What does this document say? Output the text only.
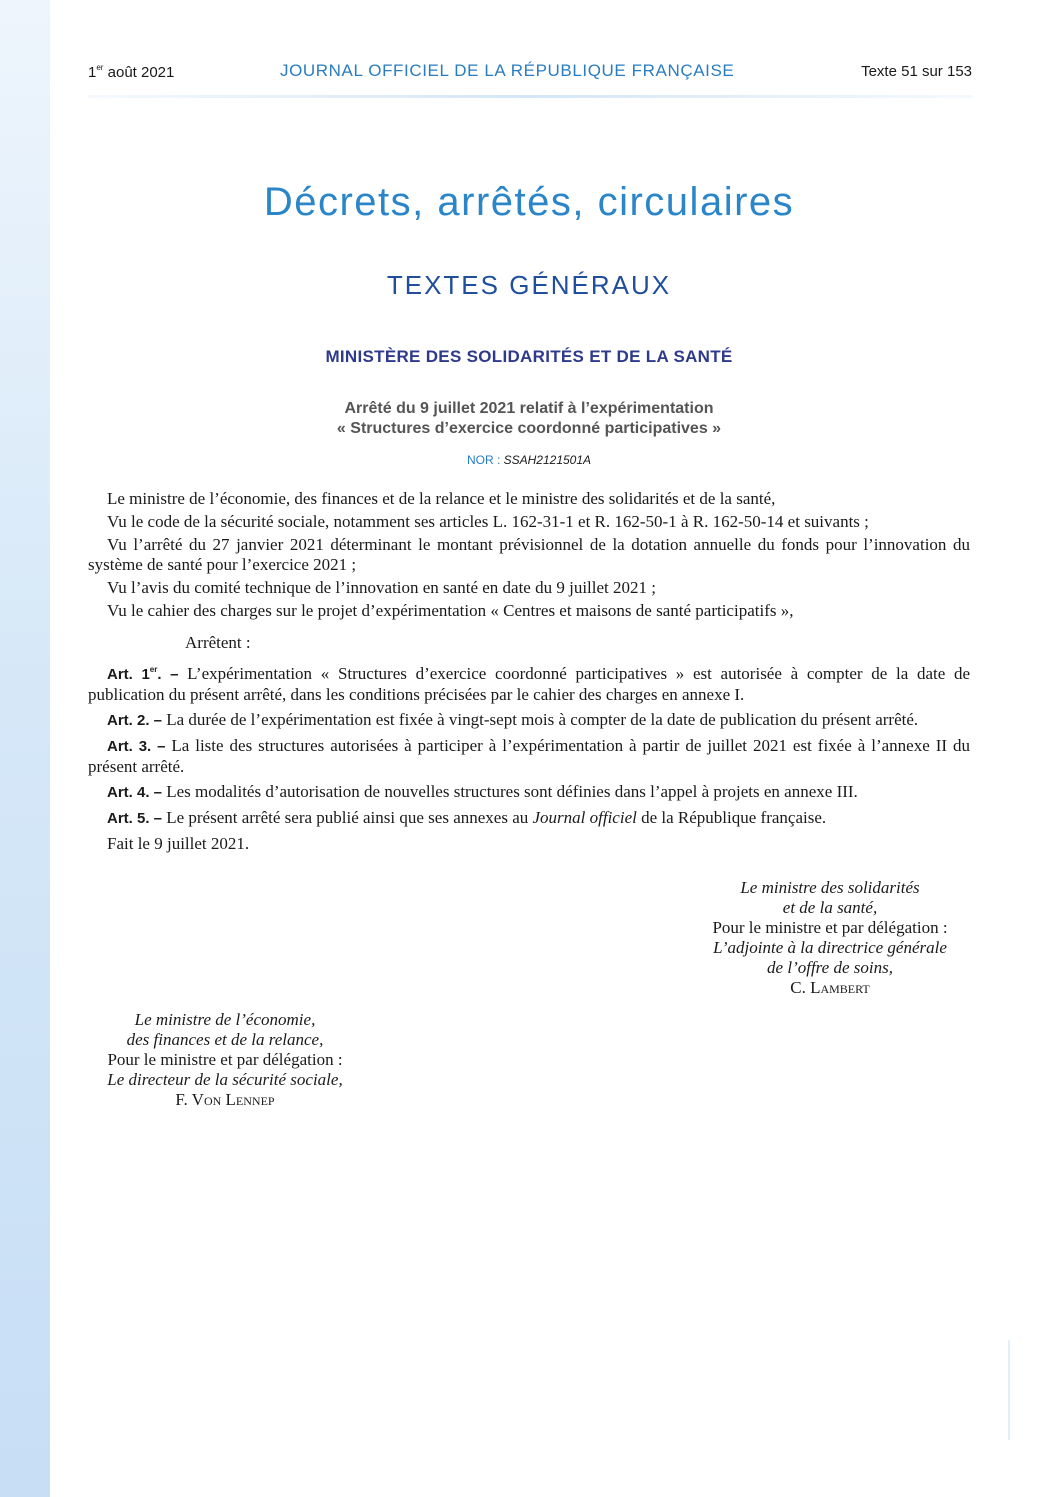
1er août 2021	JOURNAL OFFICIEL DE LA RÉPUBLIQUE FRANÇAISE	Texte 51 sur 153
Décrets, arrêtés, circulaires
TEXTES GÉNÉRAUX
MINISTÈRE DES SOLIDARITÉS ET DE LA SANTÉ
Arrêté du 9 juillet 2021 relatif à l’expérimentation
« Structures d’exercice coordonné participatives »
NOR : SSAH2121501A

Le ministre de l’économie, des finances et de la relance et le ministre des solidarités et de la santé,

Vu le code de la sécurité sociale, notamment ses articles L. 162-31-1 et R. 162-50-1 à R. 162-50-14 et suivants ;

Vu l’arrêté du 27 janvier 2021 déterminant le montant prévisionnel de la dotation annuelle du fonds pour l’innovation du système de santé pour l’exercice 2021 ;

Vu l’avis du comité technique de l’innovation en santé en date du 9 juillet 2021 ;

Vu le cahier des charges sur le projet d’expérimentation « Centres et maisons de santé participatifs »,

Arrêtent :

Art. 1er. – L’expérimentation « Structures d’exercice coordonné participatives » est autorisée à compter de la date de publication du présent arrêté, dans les conditions précisées par le cahier des charges en annexe I.

Art. 2. – La durée de l’expérimentation est fixée à vingt-sept mois à compter de la date de publication du présent arrêté.

Art. 3. – La liste des structures autorisées à participer à l’expérimentation à partir de juillet 2021 est fixée à l’annexe II du présent arrêté.

Art. 4. – Les modalités d’autorisation de nouvelles structures sont définies dans l’appel à projets en annexe III.

Art. 5. – Le présent arrêté sera publié ainsi que ses annexes au Journal officiel de la République française.

Fait le 9 juillet 2021.

Le ministre des solidarités
et de la santé,
Pour le ministre et par délégation :
L’adjointe à la directrice générale
de l’offre de soins,
C. Lambert
Le ministre de l’économie,
des finances et de la relance,
Pour le ministre et par délégation :
Le directeur de la sécurité sociale,
F. Von Lennep
